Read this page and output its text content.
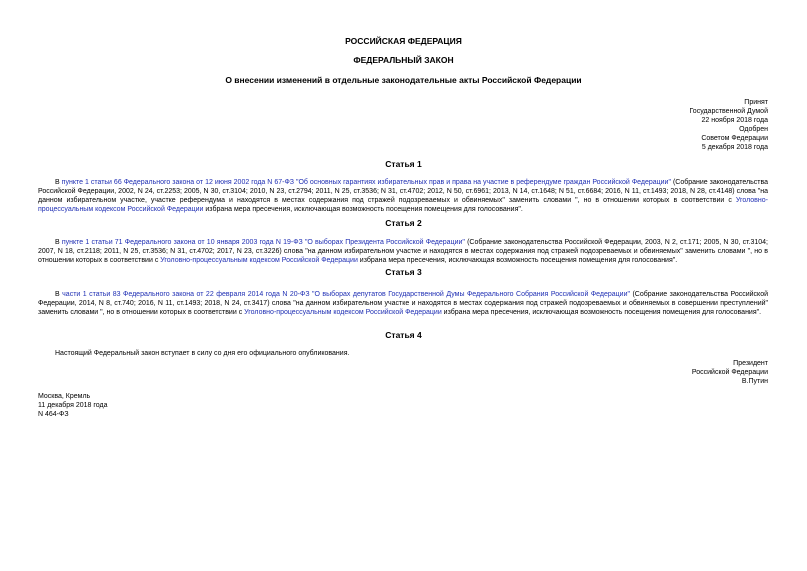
РОССИЙСКАЯ ФЕДЕРАЦИЯ
ФЕДЕРАЛЬНЫЙ ЗАКОН
О внесении изменений в отдельные законодательные акты Российской Федерации
Принят
Государственной Думой
22 ноября 2018 года
Одобрен
Советом Федерации
5 декабря 2018 года
Статья 1
В пункте 1 статьи 66 Федерального закона от 12 июня 2002 года N 67-ФЗ "Об основных гарантиях избирательных прав и права на участие в референдуме граждан Российской Федерации" (Собрание законодательства Российской Федерации, 2002, N 24, ст.2253; 2005, N 30, ст.3104; 2010, N 23, ст.2794; 2011, N 25, ст.3536; N 31, ст.4702; 2012, N 50, ст.6961; 2013, N 14, ст.1648; N 51, ст.6684; 2016, N 11, ст.1493; 2018, N 28, ст.4148) слова "на данном избирательном участке, участке референдума и находятся в местах содержания под стражей подозреваемых и обвиняемых" заменить словами ", но в отношении которых в соответствии с Уголовно-процессуальным кодексом Российской Федерации избрана мера пресечения, исключающая возможность посещения помещения для голосования".
Статья 2
В пункте 1 статьи 71 Федерального закона от 10 января 2003 года N 19-ФЗ "О выборах Президента Российской Федерации" (Собрание законодательства Российской Федерации, 2003, N 2, ст.171; 2005, N 30, ст.3104; 2007, N 18, ст.2118; 2011, N 25, ст.3536; N 31, ст.4702; 2017, N 23, ст.3226) слова "на данном избирательном участке и находятся в местах содержания под стражей подозреваемых и обвиняемых" заменить словами ", но в отношении которых в соответствии с Уголовно-процессуальным кодексом Российской Федерации избрана мера пресечения, исключающая возможность посещения помещения для голосования".
Статья 3
В части 1 статьи 83 Федерального закона от 22 февраля 2014 года N 20-ФЗ "О выборах депутатов Государственной Думы Федерального Собрания Российской Федерации" (Собрание законодательства Российской Федерации, 2014, N 8, ст.740; 2016, N 11, ст.1493; 2018, N 24, ст.3417) слова "на данном избирательном участке и находятся в местах содержания под стражей подозреваемых и обвиняемых в совершении преступлений" заменить словами ", но в отношении которых в соответствии с Уголовно-процессуальным кодексом Российской Федерации избрана мера пресечения, исключающая возможность посещения помещения для голосования".
Статья 4
Настоящий Федеральный закон вступает в силу со дня его официального опубликования.
Президент
Российской Федерации
В.Путин
Москва, Кремль
11 декабря 2018 года
N 464-ФЗ
